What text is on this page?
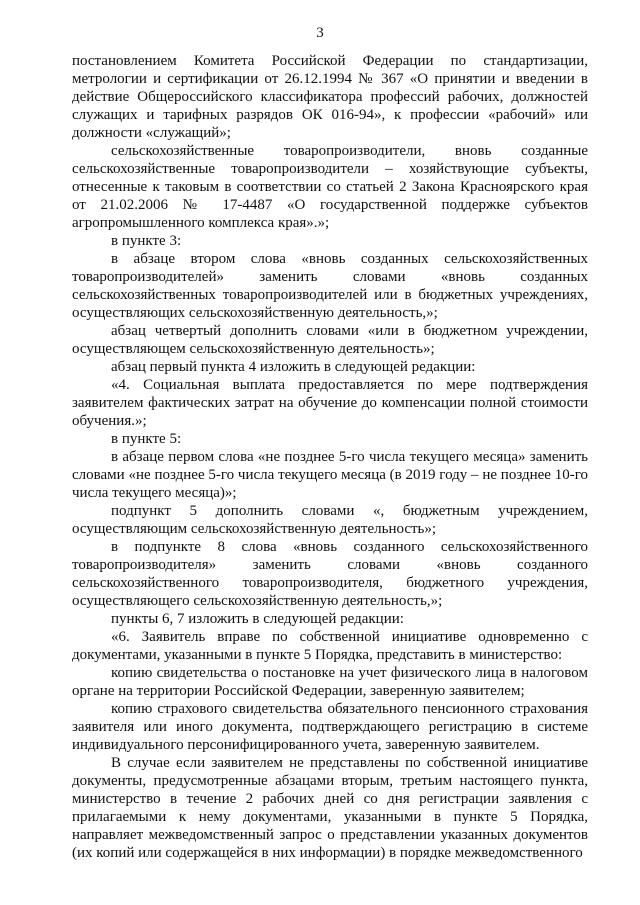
3

постановлением Комитета Российской Федерации по стандартизации, метрологии и сертификации от 26.12.1994 № 367 «О принятии и введении в действие Общероссийского классификатора профессий рабочих, должностей служащих и тарифных разрядов ОК 016-94», к профессии «рабочий» или должности «служащий»;

сельскохозяйственные товаропроизводители, вновь созданные сельскохозяйственные товаропроизводители – хозяйствующие субъекты, отнесенные к таковым в соответствии со статьей 2 Закона Красноярского края от 21.02.2006 № 17-4487 «О государственной поддержке субъектов агропромышленного комплекса края».»;

в пункте 3:

в абзаце втором слова «вновь созданных сельскохозяйственных товаропроизводителей» заменить словами «вновь созданных сельскохозяйственных товаропроизводителей или в бюджетных учреждениях, осуществляющих сельскохозяйственную деятельность,»;

абзац четвертый дополнить словами «или в бюджетном учреждении, осуществляющем сельскохозяйственную деятельность»;

абзац первый пункта 4 изложить в следующей редакции:

«4. Социальная выплата предоставляется по мере подтверждения заявителем фактических затрат на обучение до компенсации полной стоимости обучения.»;

в пункте 5:

в абзаце первом слова «не позднее 5-го числа текущего месяца» заменить словами «не позднее 5-го числа текущего месяца (в 2019 году – не позднее 10-го числа текущего месяца)»;

подпункт 5 дополнить словами «, бюджетным учреждением, осуществляющим сельскохозяйственную деятельность»;

в подпункте 8 слова «вновь созданного сельскохозяйственного товаропроизводителя» заменить словами «вновь созданного сельскохозяйственного товаропроизводителя, бюджетного учреждения, осуществляющего сельскохозяйственную деятельность,»;

пункты 6, 7 изложить в следующей редакции:

«6. Заявитель вправе по собственной инициативе одновременно с документами, указанными в пункте 5 Порядка, представить в министерство:

копию свидетельства о постановке на учет физического лица в налоговом органе на территории Российской Федерации, заверенную заявителем;

копию страхового свидетельства обязательного пенсионного страхования заявителя или иного документа, подтверждающего регистрацию в системе индивидуального персонифицированного учета, заверенную заявителем.

В случае если заявителем не представлены по собственной инициативе документы, предусмотренные абзацами вторым, третьим настоящего пункта, министерство в течение 2 рабочих дней со дня регистрации заявления с прилагаемыми к нему документами, указанными в пункте 5 Порядка, направляет межведомственный запрос о представлении указанных документов (их копий или содержащейся в них информации) в порядке межведомственного
